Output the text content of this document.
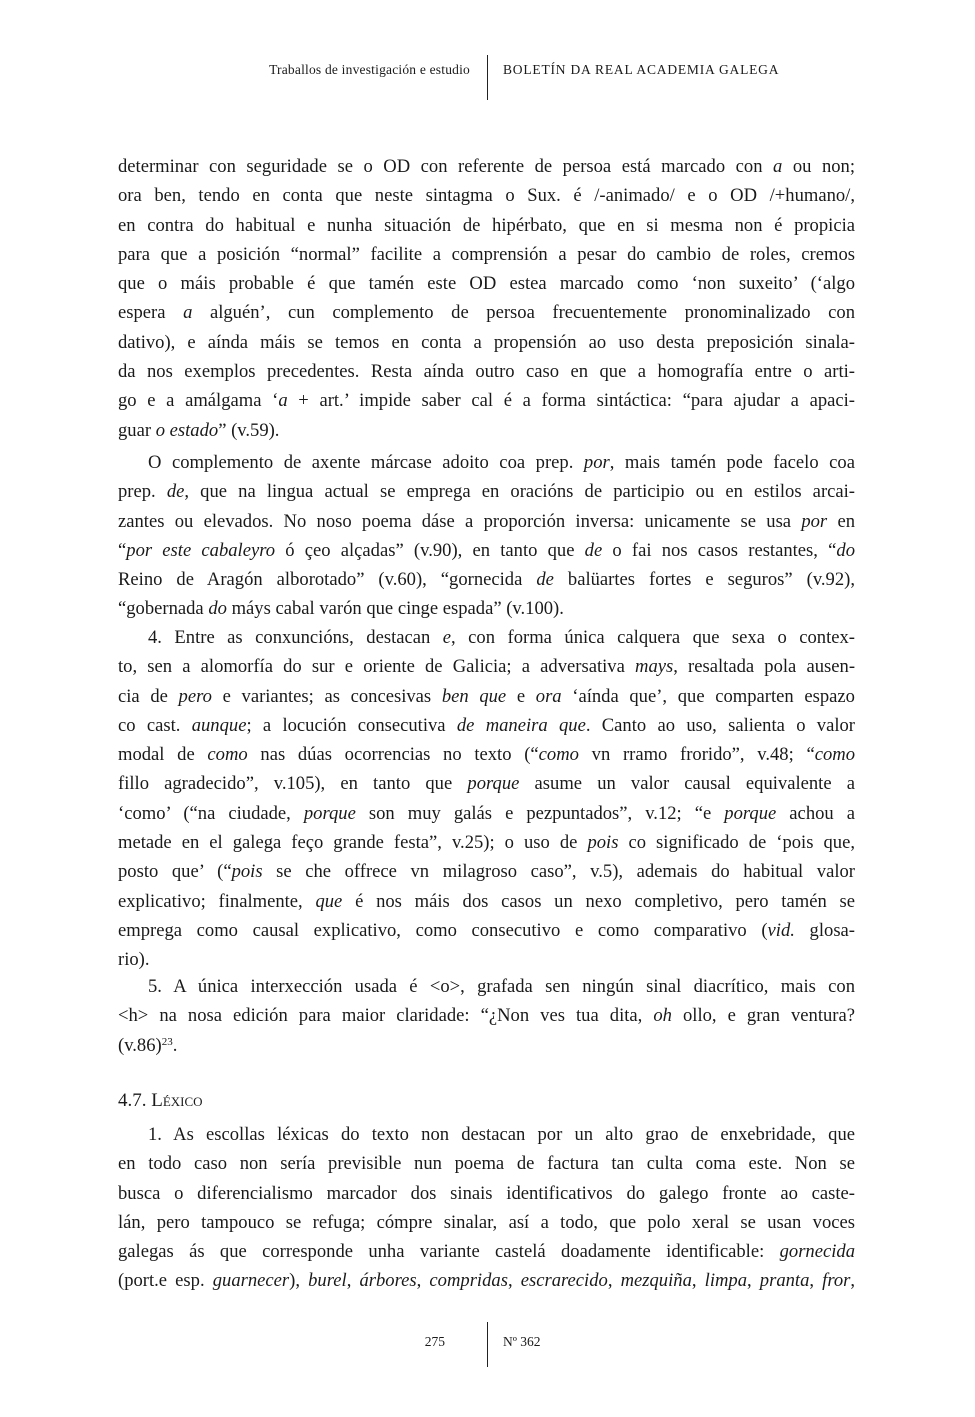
Traballos de investigación e estudio BOLETÍN DA REAL ACADEMIA GALEGA
determinar con seguridade se o OD con referente de persoa está marcado con a ou non;
ora ben, tendo en conta que neste sintagma o Sux. é /-animado/ e o OD /+humano/,
en contra do habitual e nunha situación de hipérbato, que en si mesma non é propicia
para que a posición “normal” facilite a comprensión a pesar do cambio de roles, cremos
que o máis probable é que tamén este OD estea marcado como ‘non suxeito’ (‘algo
espera a alguén’, cun complemento de persoa frecuentemente pronominalizado con
dativo), e aínda máis se temos en conta a propensión ao uso desta preposición sinala-
da nos exemplos precedentes. Resta aínda outro caso en que a homografía entre o arti-
go e a amálgama ‘a + art.’ impide saber cal é a forma sintáctica: “para ajudar a apaci-
guar o estado” (v.59).
O complemento de axente márcase adoito coa prep. por, mais tamén pode facelo coa
prep. de, que na lingua actual se emprega en oracións de participio ou en estilos arcai-
zantes ou elevados. No noso poema dáse a proporción inversa: unicamente se usa por en
“por este cabaleyro ó çeo alçadas” (v.90), en tanto que de o fai nos casos restantes, “do
Reino de Aragón alborotado” (v.60), “gornecida de balüartes fortes e seguros” (v.92),
“gobernada do máys cabal varón que cinge espada” (v.100).
4. Entre as conxuncións, destacan e, con forma única calquera que sexa o contex-
to, sen a alomorfía do sur e oriente de Galicia; a adversativa mays, resaltada pola ausen-
cia de pero e variantes; as concesivas ben que e ora ‘aínda que’, que comparten espazo
co cast. aunque; a locución consecutiva de maneira que. Canto ao uso, salienta o valor
modal de como nas dúas ocorrencias no texto (“como vn rramo frorido”, v.48; “como
fillo agradecido”, v.105), en tanto que porque asume un valor causal equivalente a
‘como’ (“na ciudade, porque son muy galás e pezpuntados”, v.12; “e porque achou a
metade en el galega feço grande festa”, v.25); o uso de pois co significado de ‘pois que,
posto que’ (“pois se che offrece vn milagroso caso”, v.5), ademais do habitual valor
explicativo; finalmente, que é nos máis dos casos un nexo completivo, pero tamén se
emprega como causal explicativo, como consecutivo e como comparativo (vid. glosa-
rio).
5. A única interxección usada é <o>, grafada sen ningún sinal diacrítico, mais con
<h> na nosa edición para maior claridade: “¿Non ves tua dita, oh ollo, e gran ventura?
$(v.86)^{23}$.
4.7. Léxico
1. As escollas léxicas do texto non destacan por un alto grao de enxebridade, que
en todo caso non sería previsible nun poema de factura tan culta coma este. Non se
busca o diferencialismo marcador dos sinais identificativos do galego fronte ao caste-
lán, pero tampouco se refuga; cómpre sinalar, así a todo, que polo xeral se usan voces
galegas ás que corresponde unha variante castelá doadamente identificable: gornecida
(port.e esp. guarnecer), burel, árbores, compridas, escrarecido, mezquiña, limpa, pranta, fror,
275	Nº 362
